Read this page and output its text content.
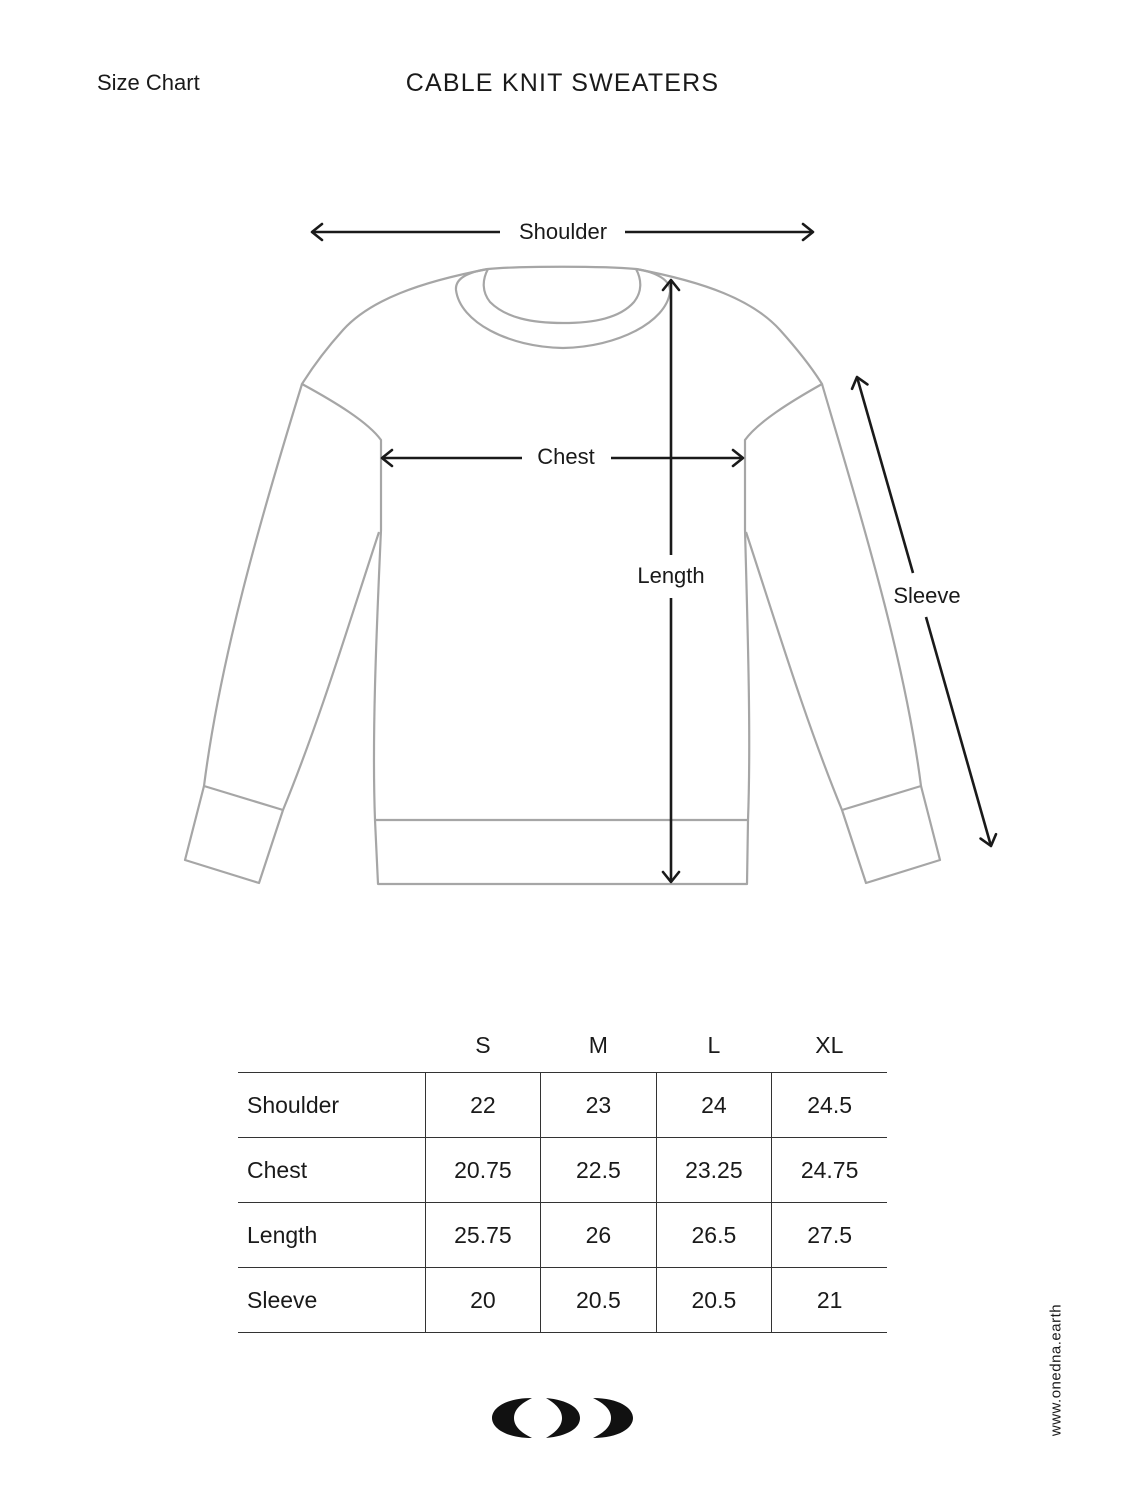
Size Chart	CABLE KNIT SWEATERS
Shoulder
Chest
Length
Sleeve
	S	M	L	XL
Shoulder	22	23	24	24.5
Chest	20.75	22.5	23.25	24.75
Length	25.75	26	26.5	27.5
Sleeve	20	20.5	20.5	21
www.onedna.earth
